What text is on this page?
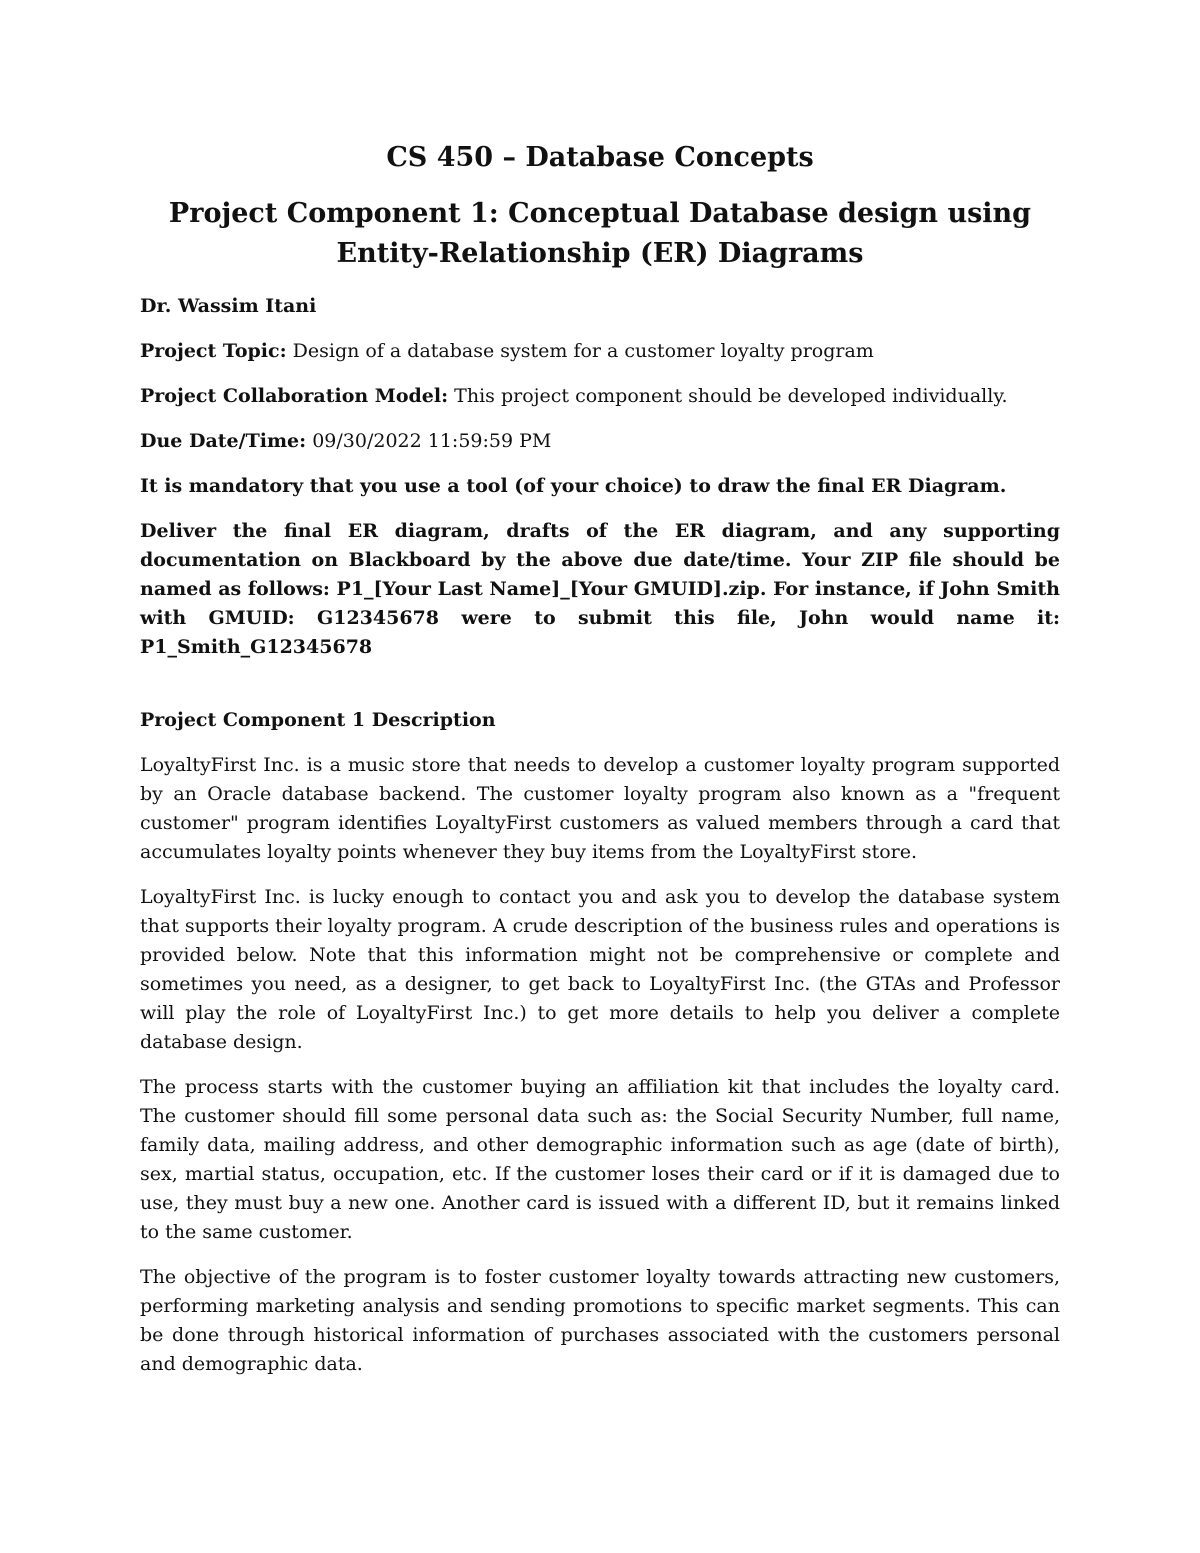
CS 450 – Database Concepts
Project Component 1: Conceptual Database design using Entity-Relationship (ER) Diagrams

Dr. Wassim Itani

Project Topic: Design of a database system for a customer loyalty program

Project Collaboration Model: This project component should be developed individually.

Due Date/Time: 09/30/2022 11:59:59 PM

It is mandatory that you use a tool (of your choice) to draw the final ER Diagram.

Deliver the final ER diagram, drafts of the ER diagram, and any supporting documentation on Blackboard by the above due date/time. Your ZIP file should be named as follows: P1_[Your Last Name]_[Your GMUID].zip. For instance, if John Smith with GMUID: G12345678 were to submit this file, John would name it: P1_Smith_G12345678

Project Component 1 Description

LoyaltyFirst Inc. is a music store that needs to develop a customer loyalty program supported by an Oracle database backend. The customer loyalty program also known as a "frequent customer" program identifies LoyaltyFirst customers as valued members through a card that accumulates loyalty points whenever they buy items from the LoyaltyFirst store.

LoyaltyFirst Inc. is lucky enough to contact you and ask you to develop the database system that supports their loyalty program. A crude description of the business rules and operations is provided below. Note that this information might not be comprehensive or complete and sometimes you need, as a designer, to get back to LoyaltyFirst Inc. (the GTAs and Professor will play the role of LoyaltyFirst Inc.) to get more details to help you deliver a complete database design.

The process starts with the customer buying an affiliation kit that includes the loyalty card. The customer should fill some personal data such as: the Social Security Number, full name, family data, mailing address, and other demographic information such as age (date of birth), sex, martial status, occupation, etc. If the customer loses their card or if it is damaged due to use, they must buy a new one. Another card is issued with a different ID, but it remains linked to the same customer.

The objective of the program is to foster customer loyalty towards attracting new customers, performing marketing analysis and sending promotions to specific market segments. This can be done through historical information of purchases associated with the customers personal and demographic data.
